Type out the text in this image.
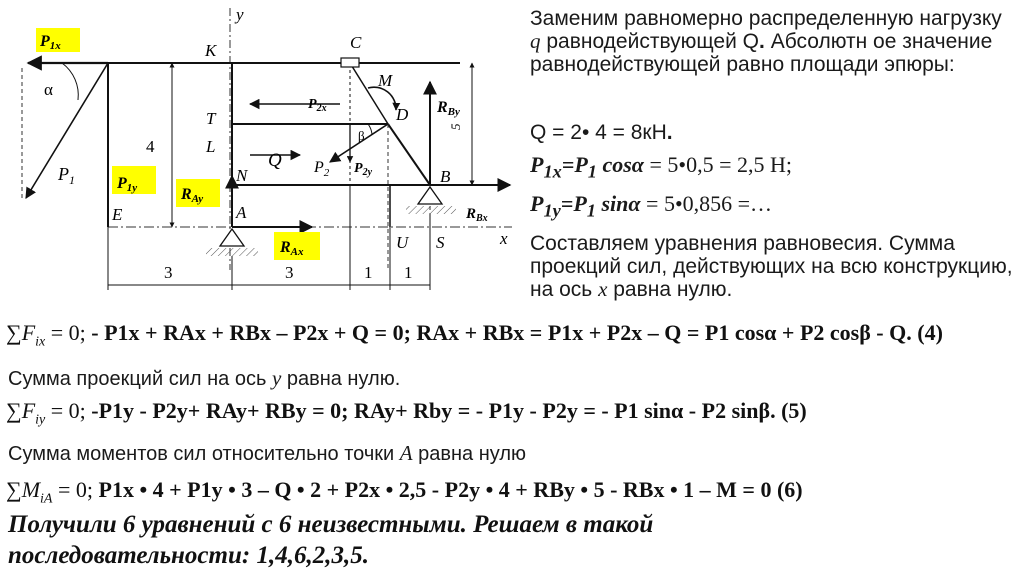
P1x
P1y	RAy
RAx
RBy
$R_{Bx}$
$P_{2x}$
$P_{2y}$
$P_1$
$P_2$
K	C
M
D
T
L
N
A
B
E
U S
Q
y
x
α
β
4
5
3	3	1 1
Заменим равномерно распределенную нагрузку q равнодействующей Q. Абсолютн ое значение равнодействующей равно площади эпюры:
Q = 2• 4 = 8кН.
$P_{1x}=P_1$ cosα = 5•0,5 = 2,5 Н;
$P_{1y}=P_1$ sinα = 5•0,856 =…
Составляем уравнения равновесия. Сумма проекций сил, действующих на всю конструкцию, на ось x равна нулю.
$\sum F_{ix} = 0$; - P1x + RAx + RBx – P2x + Q = 0; RAx + RBx = P1x + P2x – Q = P1 cosα + P2 cosβ - Q. (4)
Сумма проекций сил на ось y равна нулю.
$\sum F_{iy} = 0$; -P1y - P2y+ RAy+ RBy = 0; RAy+ Rby = - P1y - P2y = - P1 sinα - P2 sinβ. (5)
Сумма моментов сил относительно точки A равна нулю
$\sum M_{iA} = 0$; P1x • 4 + P1y • 3 – Q • 2 + P2x • 2,5 - P2y • 4 + RBy • 5 - RBx • 1 – M = 0 (6)
Получили 6 уравнений с 6 неизвестными. Решаем в такой
последовательности: 1,4,6,2,3,5.
